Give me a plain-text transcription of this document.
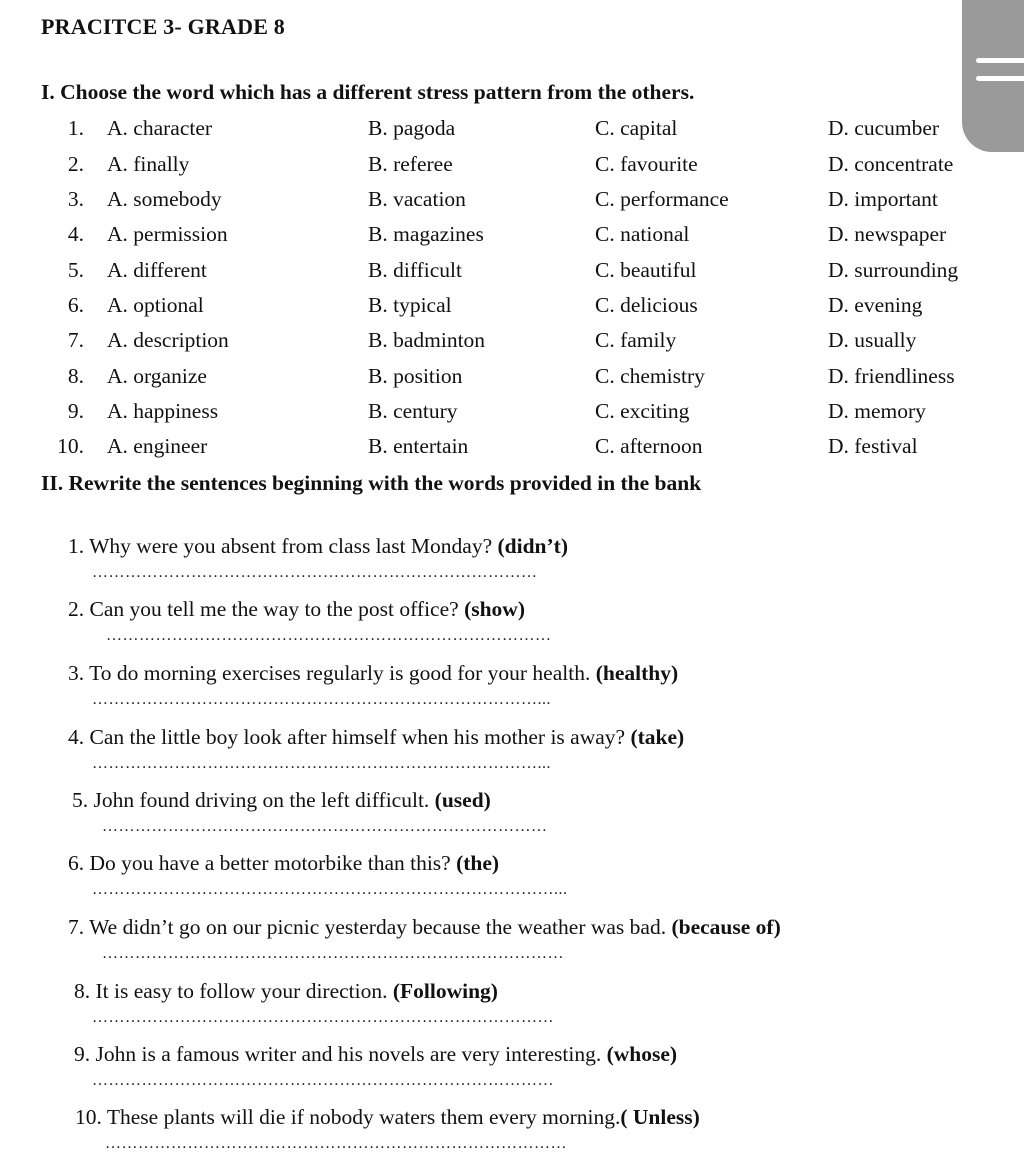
PRACITCE 3- GRADE 8
I. Choose the word which has a different stress pattern from the others.
1. A. character	B. pagoda	C. capital	D. cucumber
2. A. finally	B. referee	C. favourite	D. concentrate
3. A. somebody	B. vacation	C. performance	D. important
4. A. permission	B. magazines	C. national	D. newspaper
5. A. different	B. difficult	C. beautiful	D. surrounding
6. A. optional	B. typical	C. delicious	D. evening
7. A. description	B. badminton	C. family	D. usually
8. A. organize	B. position	C. chemistry	D. friendliness
9. A. happiness	B. century	C. exciting	D. memory
10. A. engineer	B. entertain	C. afternoon	D. festival
II. Rewrite the sentences beginning with the words provided in the bank
1. Why were you absent from class last Monday? (didn’t)
………………………………………………………………………
2. Can you tell me the way to the post office? (show)
………………………………………………………………………
3. To do morning exercises regularly is good for your health. (healthy)
………………………………………………………………………...
4. Can the little boy look after himself when his mother is away? (take)
………………………………………………………………………...
5. John found driving on the left difficult. (used)
………………………………………………………………………
6. Do you have a better motorbike than this? (the)
…………………………………………………………………………...
7. We didn’t go on our picnic yesterday because the weather was bad. (because of)
…………………………………………………………………………
8. It is easy to follow your direction. (Following)
…………………………………………………………………………
9. John is a famous writer and his novels are very interesting. (whose)
…………………………………………………………………………
10. These plants will die if nobody waters them every morning.( Unless)
…………………………………………………………………………
